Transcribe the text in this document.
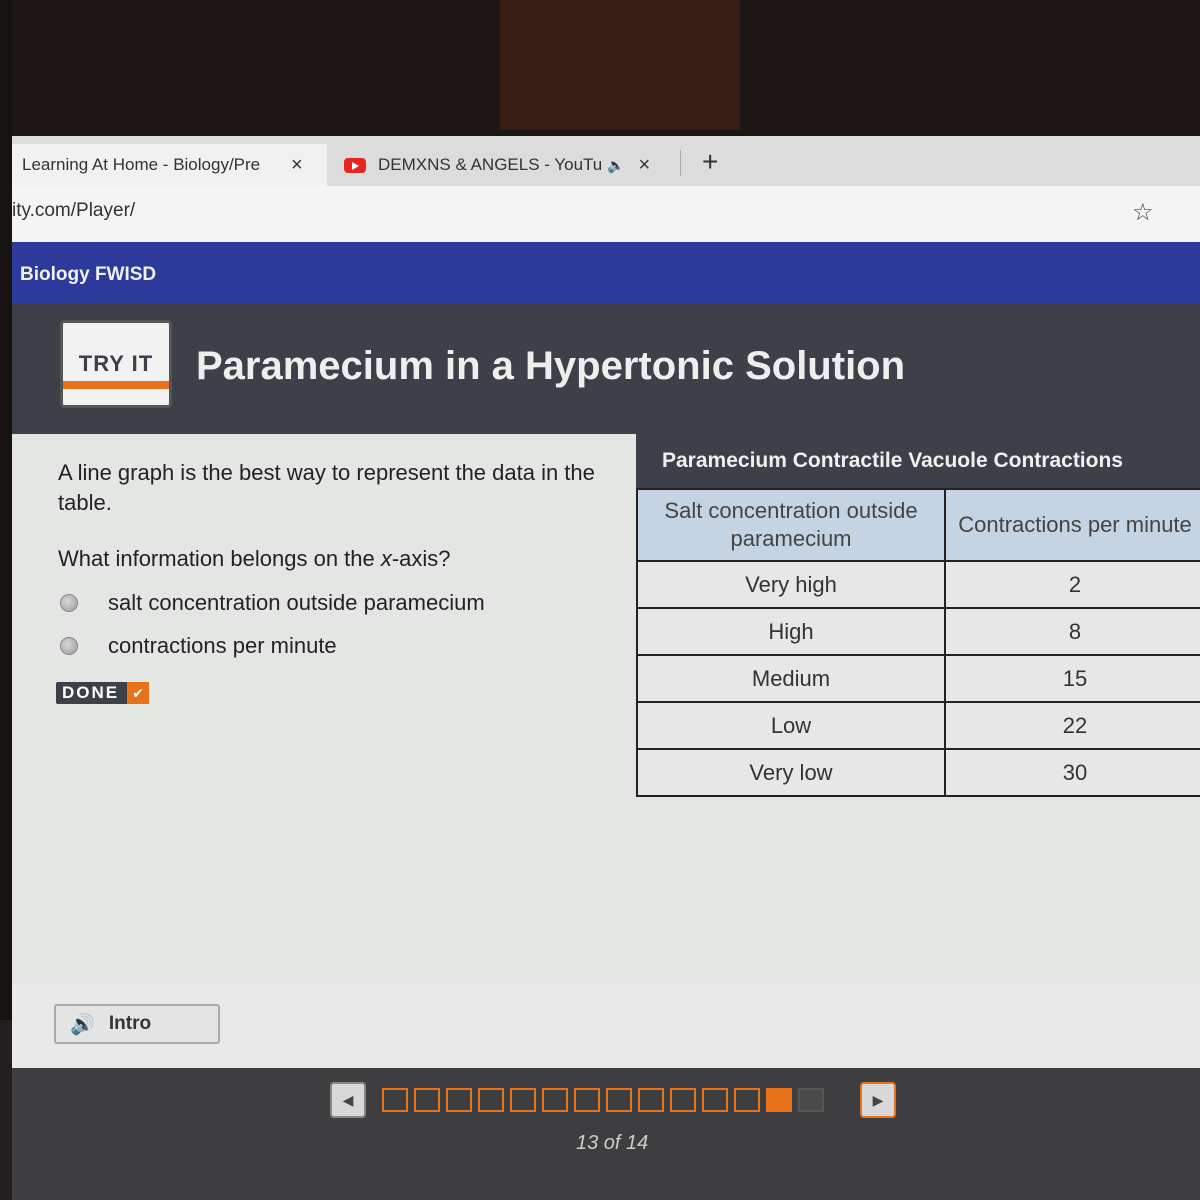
Learning At Home - Biology/Pre	×	DEMXNS & ANGELS - YouTu 🔈 × +
ity.com/Player/	☆
Biology FWISD
TRY IT	Paramecium in a Hypertonic Solution
A line graph is the best way to represent the data in the table.
What information belongs on the x-axis?
salt concentration outside paramecium
contractions per minute
DONE ✔
Paramecium Contractile Vacuole Contractions
Salt concentration outside paramecium	Contractions per minute
Very high	2
High	8
Medium	15
Low	22
Very low	30
🔊 Intro
◀	▶
13 of 14
